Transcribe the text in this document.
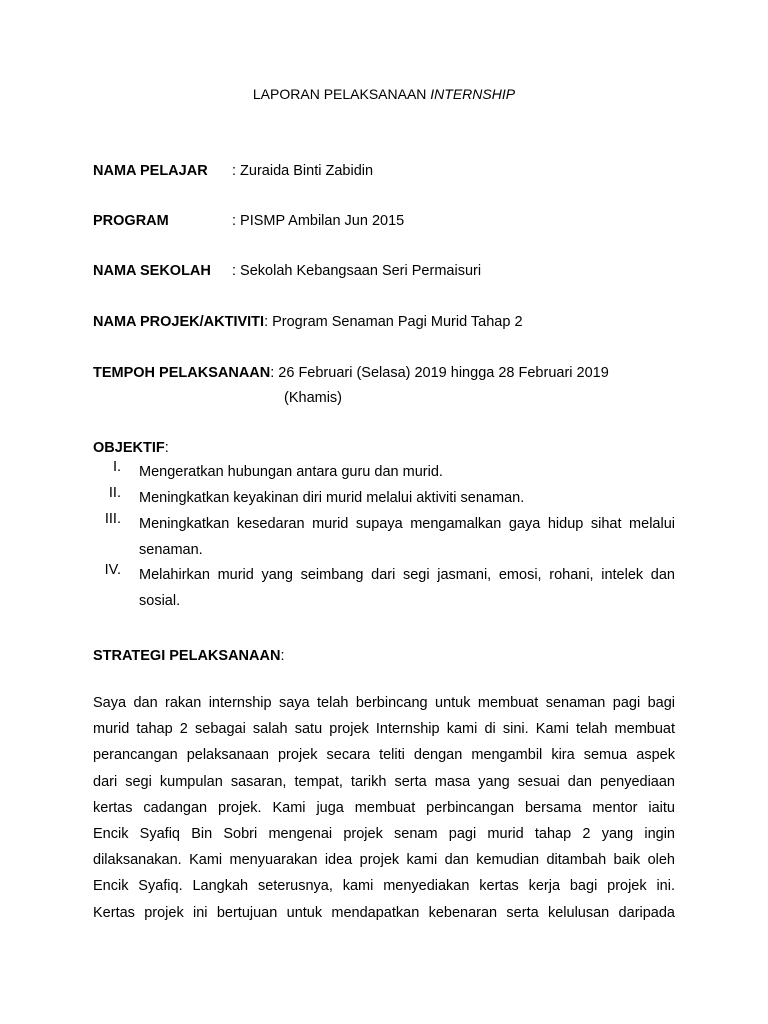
LAPORAN PELAKSANAAN INTERNSHIP
NAMA PELAJAR : Zuraida Binti Zabidin
PROGRAM	: PISMP Ambilan Jun 2015
NAMA SEKOLAH : Sekolah Kebangsaan Seri Permaisuri
NAMA PROJEK/AKTIVITI: Program Senaman Pagi Murid Tahap 2
TEMPOH PELAKSANAAN: 26 Februari (Selasa) 2019 hingga 28 Februari 2019
(Khamis)
OBJEKTIF:
I. Mengeratkan hubungan antara guru dan murid.
II. Meningkatkan keyakinan diri murid melalui aktiviti senaman.
III. Meningkatkan kesedaran murid supaya mengamalkan gaya hidup sihat melalui
senaman.
IV. Melahirkan murid yang seimbang dari segi jasmani, emosi, rohani, intelek dan
sosial.
STRATEGI PELAKSANAAN:
Saya dan rakan internship saya telah berbincang untuk membuat senaman pagi bagi
murid tahap 2 sebagai salah satu projek Internship kami di sini. Kami telah membuat
perancangan pelaksanaan projek secara teliti dengan mengambil kira semua aspek
dari segi kumpulan sasaran, tempat, tarikh serta masa yang sesuai dan penyediaan
kertas cadangan projek. Kami juga membuat perbincangan bersama mentor iaitu
Encik Syafiq Bin Sobri mengenai projek senam pagi murid tahap 2 yang ingin
dilaksanakan. Kami menyuarakan idea projek kami dan kemudian ditambah baik oleh
Encik Syafiq. Langkah seterusnya, kami menyediakan kertas kerja bagi projek ini.
Kertas projek ini bertujuan untuk mendapatkan kebenaran serta kelulusan daripada
